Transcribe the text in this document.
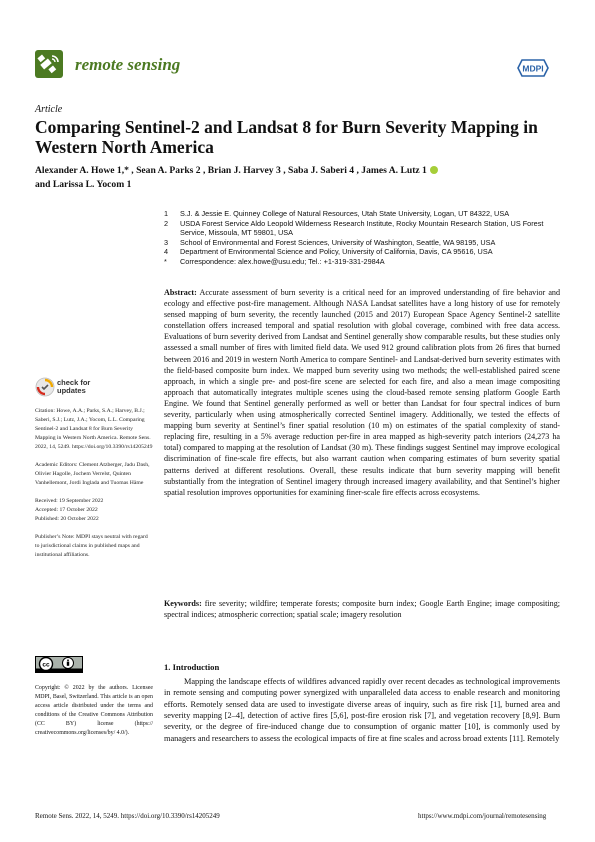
remote sensing	MDPI
Article
Comparing Sentinel-2 and Landsat 8 for Burn Severity Mapping in Western North America
Alexander A. Howe 1,* , Sean A. Parks 2 , Brian J. Harvey 3 , Saba J. Saberi 4 , James A. Lutz 1
and Larissa L. Yocom 1
1	S.J. & Jessie E. Quinney College of Natural Resources, Utah State University, Logan, UT 84322, USA
2	USDA Forest Service Aldo Leopold Wilderness Research Institute, Rocky Mountain Research Station, US Forest Service, Missoula, MT 59801, USA
3	School of Environmental and Forest Sciences, University of Washington, Seattle, WA 98195, USA
4	Department of Environmental Science and Policy, University of California, Davis, CA 95616, USA
*	Correspondence: alex.howe@usu.edu; Tel.: +1-319-331-2984A
Abstract: Accurate assessment of burn severity is a critical need for an improved understanding of fire behavior and ecology and effective post-fire management. Although NASA Landsat satellites have a long history of use for remotely sensed mapping of burn severity, the recently launched (2015 and 2017) European Space Agency Sentinel-2 satellite constellation offers increased temporal and spatial resolution with global coverage, combined with free data access. Evaluations of burn severity derived from Landsat and Sentinel generally show comparable results, but these studies only assessed a small number of fires with limited field data. We used 912 ground calibration plots from 26 fires that burned between 2016 and 2019 in western North America to compare Sentinel- and Landsat-derived burn severity estimates with the field-based composite burn index. We mapped burn severity using two methods; the well-established paired scene approach, in which a single pre- and post-fire scene are selected for each fire, and also a mean image compositing approach that automatically integrates multiple scenes using the cloud-based remote sensing platform Google Earth Engine. We found that Sentinel generally performed as well or better than Landsat for four spectral indices of burn severity, particularly when using atmospherically corrected Sentinel imagery. Additionally, we tested the effects of mapping burn severity at Sentinel’s finer spatial resolution (10 m) on estimates of the spatial complexity of stand-replacing fire, resulting in a 5% average reduction per-fire in area mapped as high-severity patch interiors (24,273 ha total) compared to mapping at the resolution of Landsat (30 m). These findings suggest Sentinel may improve ecological discrimination of fine-scale fire effects, but also warrant caution when comparing estimates of burn severity spatial patterns derived at different resolutions. Overall, these results indicate that burn severity mapping will benefit substantially from the integration of Sentinel imagery through increased imagery availability, and that Sentinel’s higher spatial resolution improves opportunities for examining finer-scale fire effects across ecosystems.
Keywords: fire severity; wildfire; temperate forests; composite burn index; Google Earth Engine; image compositing; spectral indices; atmospheric correction; spatial scale; imagery resolution
check for
updates
Citation: Howe, A.A.; Parks, S.A.; Harvey, B.J.; Saberi, S.J.; Lutz, J.A.; Yocom, L.L. Comparing Sentinel-2 and Landsat 8 for Burn Severity Mapping in Western North America. Remote Sens. 2022, 14, 5249. https://doi.org/10.3390/rs14205249
Academic Editors: Clement Atzberger, Jadu Dash, Olivier Hagolle, Jochem Verrelst, Quinten Vanhellemont, Jordi Inglada and Tuomas Häme
Received: 19 September 2022
Accepted: 17 October 2022
Published: 20 October 2022
Publisher’s Note: MDPI stays neutral with regard to jurisdictional claims in published maps and institutional affiliations.
cc
Copyright: © 2022 by the authors. Licensee MDPI, Basel, Switzerland. This article is an open access article distributed under the terms and conditions of the Creative Commons Attribution (CC BY) license (https:// creativecommons.org/licenses/by/ 4.0/).
1. Introduction
Mapping the landscape effects of wildfires advanced rapidly over recent decades as technological improvements in remote sensing and computing power synergized with unparalleled data access to enable research and monitoring efforts. Remotely sensed data are used to investigate diverse areas of inquiry, such as fire risk [1], burned area and severity mapping [2–4], detection of active fires [5,6], post-fire erosion risk [7], and vegetation recovery [8,9]. Burn severity, or the degree of fire-induced change due to consumption of organic matter [10], is commonly used by managers and researchers to assess the ecological impacts of fire at fine scales and across broad extents [11]. Remotely
Remote Sens. 2022, 14, 5249. https://doi.org/10.3390/rs14205249	https://www.mdpi.com/journal/remotesensing
